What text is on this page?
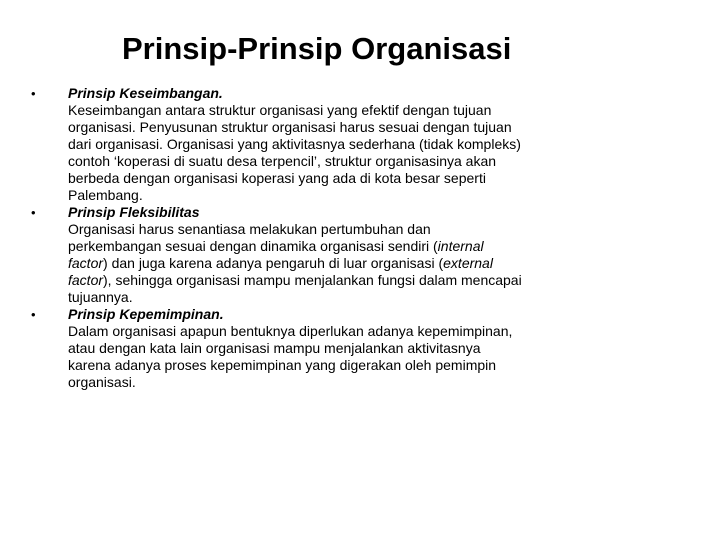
Prinsip-Prinsip Organisasi
• Prinsip Keseimbangan.
Keseimbangan antara struktur organisasi yang efektif dengan tujuan
organisasi. Penyusunan struktur organisasi harus sesuai dengan tujuan
dari organisasi. Organisasi yang aktivitasnya sederhana (tidak kompleks)
contoh ‘koperasi di suatu desa terpencil’, struktur organisasinya akan
berbeda dengan organisasi koperasi yang ada di kota besar seperti
Palembang.
• Prinsip Fleksibilitas
Organisasi harus senantiasa melakukan pertumbuhan dan
perkembangan sesuai dengan dinamika organisasi sendiri (internal
factor) dan juga karena adanya pengaruh di luar organisasi (external
factor), sehingga organisasi mampu menjalankan fungsi dalam mencapai
tujuannya.
• Prinsip Kepemimpinan.
Dalam organisasi apapun bentuknya diperlukan adanya kepemimpinan,
atau dengan kata lain organisasi mampu menjalankan aktivitasnya
karena adanya proses kepemimpinan yang digerakan oleh pemimpin
organisasi.
